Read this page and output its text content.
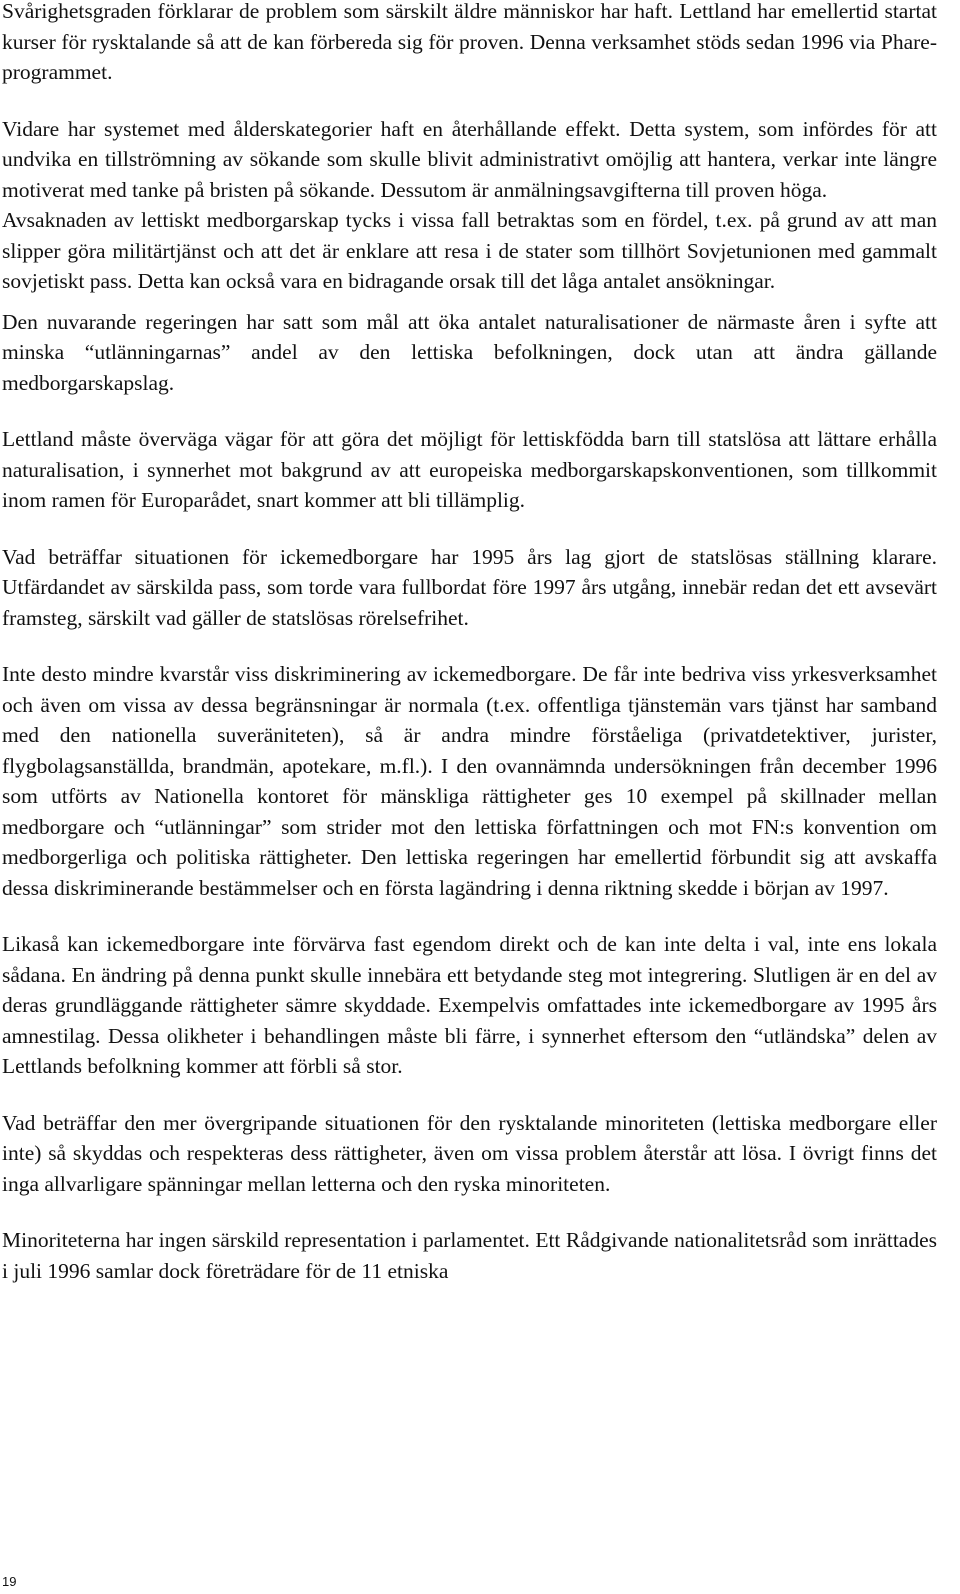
Svårighetsgraden förklarar de problem som särskilt äldre människor har haft. Lettland har emellertid startat kurser för rysktalande så att de kan förbereda sig för proven. Denna verksamhet stöds sedan 1996 via Phare-programmet.

Vidare har systemet med ålderskategorier haft en återhållande effekt. Detta system, som infördes för att undvika en tillströmning av sökande som skulle blivit administrativt omöjlig att hantera, verkar inte längre motiverat med tanke på bristen på sökande. Dessutom är anmälningsavgifterna till proven höga.

Avsaknaden av lettiskt medborgarskap tycks i vissa fall betraktas som en fördel, t.ex. på grund av att man slipper göra militärtjänst och att det är enklare att resa i de stater som tillhört Sovjetunionen med gammalt sovjetiskt pass. Detta kan också vara en bidragande orsak till det låga antalet ansökningar.

Den nuvarande regeringen har satt som mål att öka antalet naturalisationer de närmaste åren i syfte att minska “utlänningarnas” andel av den lettiska befolkningen, dock utan att ändra gällande medborgarskapslag.

Lettland måste överväga vägar för att göra det möjligt för lettiskfödda barn till statslösa att lättare erhålla naturalisation, i synnerhet mot bakgrund av att europeiska medborgarskapskonventionen, som tillkommit inom ramen för Europarådet, snart kommer att bli tillämplig.

Vad beträffar situationen för ickemedborgare har 1995 års lag gjort de statslösas ställning klarare. Utfärdandet av särskilda pass, som torde vara fullbordat före 1997 års utgång, innebär redan det ett avsevärt framsteg, särskilt vad gäller de statslösas rörelsefrihet.

Inte desto mindre kvarstår viss diskriminering av ickemedborgare. De får inte bedriva viss yrkesverksamhet och även om vissa av dessa begränsningar är normala (t.ex. offentliga tjänstemän vars tjänst har samband med den nationella suveräniteten), så är andra mindre förståeliga (privatdetektiver, jurister, flygbolagsanställda, brandmän, apotekare, m.fl.). I den ovannämnda undersökningen från december 1996 som utförts av Nationella kontoret för mänskliga rättigheter ges 10 exempel på skillnader mellan medborgare och “utlänningar” som strider mot den lettiska författningen och mot FN:s konvention om medborgerliga och politiska rättigheter. Den lettiska regeringen har emellertid förbundit sig att avskaffa dessa diskriminerande bestämmelser och en första lagändring i denna riktning skedde i början av 1997.

Likaså kan ickemedborgare inte förvärva fast egendom direkt och de kan inte delta i val, inte ens lokala sådana. En ändring på denna punkt skulle innebära ett betydande steg mot integrering. Slutligen är en del av deras grundläggande rättigheter sämre skyddade. Exempelvis omfattades inte ickemedborgare av 1995 års amnestilag. Dessa olikheter i behandlingen måste bli färre, i synnerhet eftersom den “utländska” delen av Lettlands befolkning kommer att förbli så stor.

Vad beträffar den mer övergripande situationen för den rysktalande minoriteten (lettiska medborgare eller inte) så skyddas och respekteras dess rättigheter, även om vissa problem återstår att lösa. I övrigt finns det inga allvarligare spänningar mellan letterna och den ryska minoriteten.

Minoriteterna har ingen särskild representation i parlamentet. Ett Rådgivande nationalitetsråd som inrättades i juli 1996 samlar dock företrädare för de 11 etniska

19
